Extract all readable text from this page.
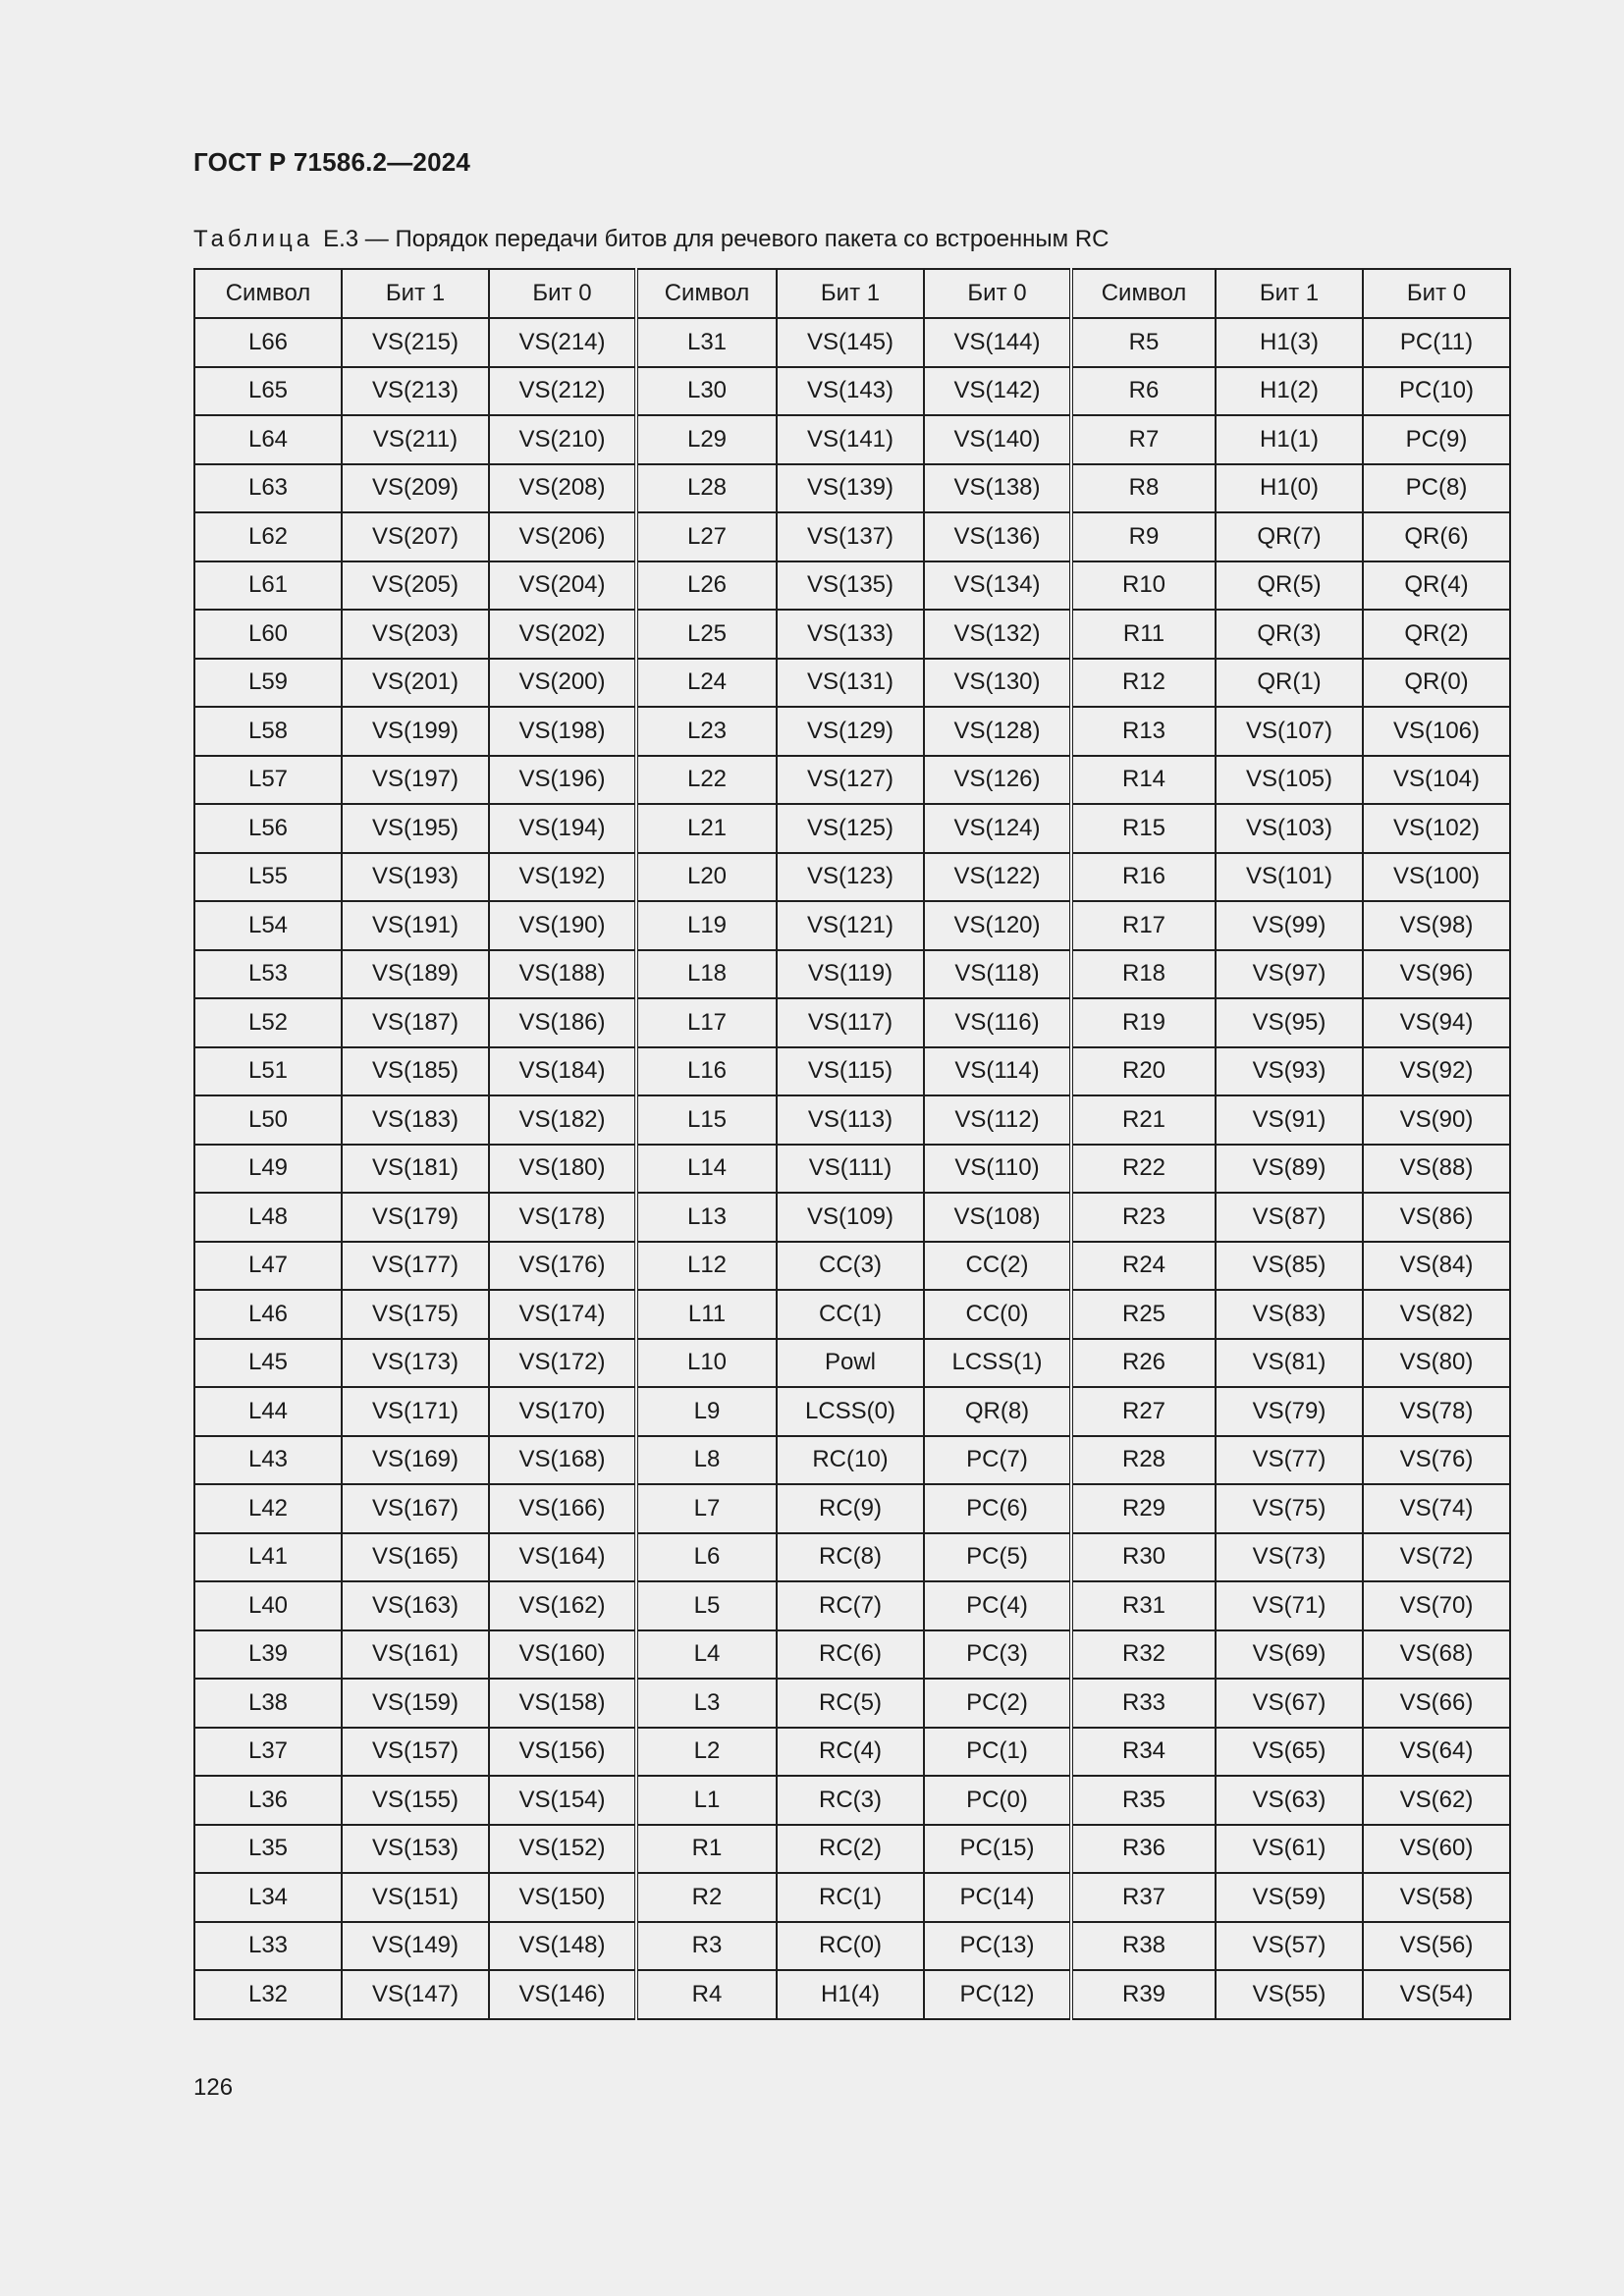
ГОСТ Р 71586.2—2024
Таблица Е.3 — Порядок передачи битов для речевого пакета со встроенным RC
Символ	Бит 1	Бит 0	Символ	Бит 1	Бит 0	Символ	Бит 1	Бит 0
L66	VS(215)	VS(214)	L31	VS(145)	VS(144)	R5	H1(3)	PC(11)
L65	VS(213)	VS(212)	L30	VS(143)	VS(142)	R6	H1(2)	PC(10)
L64	VS(211)	VS(210)	L29	VS(141)	VS(140)	R7	H1(1)	PC(9)
L63	VS(209)	VS(208)	L28	VS(139)	VS(138)	R8	H1(0)	PC(8)
L62	VS(207)	VS(206)	L27	VS(137)	VS(136)	R9	QR(7)	QR(6)
L61	VS(205)	VS(204)	L26	VS(135)	VS(134)	R10	QR(5)	QR(4)
L60	VS(203)	VS(202)	L25	VS(133)	VS(132)	R11	QR(3)	QR(2)
L59	VS(201)	VS(200)	L24	VS(131)	VS(130)	R12	QR(1)	QR(0)
L58	VS(199)	VS(198)	L23	VS(129)	VS(128)	R13	VS(107)	VS(106)
L57	VS(197)	VS(196)	L22	VS(127)	VS(126)	R14	VS(105)	VS(104)
L56	VS(195)	VS(194)	L21	VS(125)	VS(124)	R15	VS(103)	VS(102)
L55	VS(193)	VS(192)	L20	VS(123)	VS(122)	R16	VS(101)	VS(100)
L54	VS(191)	VS(190)	L19	VS(121)	VS(120)	R17	VS(99)	VS(98)
L53	VS(189)	VS(188)	L18	VS(119)	VS(118)	R18	VS(97)	VS(96)
L52	VS(187)	VS(186)	L17	VS(117)	VS(116)	R19	VS(95)	VS(94)
L51	VS(185)	VS(184)	L16	VS(115)	VS(114)	R20	VS(93)	VS(92)
L50	VS(183)	VS(182)	L15	VS(113)	VS(112)	R21	VS(91)	VS(90)
L49	VS(181)	VS(180)	L14	VS(111)	VS(110)	R22	VS(89)	VS(88)
L48	VS(179)	VS(178)	L13	VS(109)	VS(108)	R23	VS(87)	VS(86)
L47	VS(177)	VS(176)	L12	CC(3)	CC(2)	R24	VS(85)	VS(84)
L46	VS(175)	VS(174)	L11	CC(1)	CC(0)	R25	VS(83)	VS(82)
L45	VS(173)	VS(172)	L10	Powl	LCSS(1)	R26	VS(81)	VS(80)
L44	VS(171)	VS(170)	L9	LCSS(0)	QR(8)	R27	VS(79)	VS(78)
L43	VS(169)	VS(168)	L8	RC(10)	PC(7)	R28	VS(77)	VS(76)
L42	VS(167)	VS(166)	L7	RC(9)	PC(6)	R29	VS(75)	VS(74)
L41	VS(165)	VS(164)	L6	RC(8)	PC(5)	R30	VS(73)	VS(72)
L40	VS(163)	VS(162)	L5	RC(7)	PC(4)	R31	VS(71)	VS(70)
L39	VS(161)	VS(160)	L4	RC(6)	PC(3)	R32	VS(69)	VS(68)
L38	VS(159)	VS(158)	L3	RC(5)	PC(2)	R33	VS(67)	VS(66)
L37	VS(157)	VS(156)	L2	RC(4)	PC(1)	R34	VS(65)	VS(64)
L36	VS(155)	VS(154)	L1	RC(3)	PC(0)	R35	VS(63)	VS(62)
L35	VS(153)	VS(152)	R1	RC(2)	PC(15)	R36	VS(61)	VS(60)
L34	VS(151)	VS(150)	R2	RC(1)	PC(14)	R37	VS(59)	VS(58)
L33	VS(149)	VS(148)	R3	RC(0)	PC(13)	R38	VS(57)	VS(56)
L32	VS(147)	VS(146)	R4	H1(4)	PC(12)	R39	VS(55)	VS(54)
126
